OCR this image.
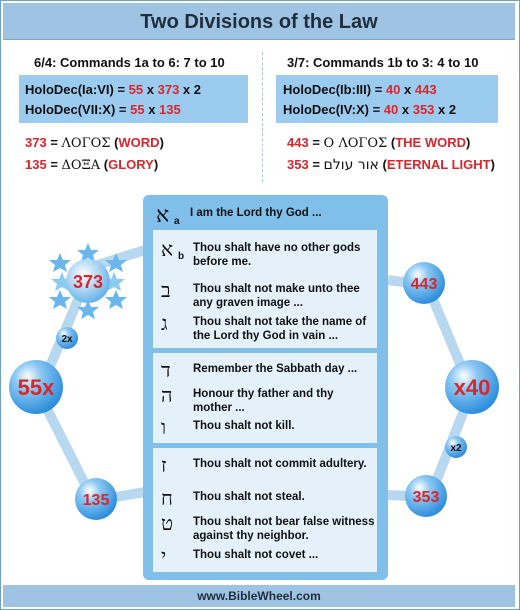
Two Divisions of the Law
6/4: Commands 1a to 6: 7 to 10
HoloDec(Ia:VI) = 55 x 373 x 2
HoloDec(VII:X) = 55 x 135
373 = ΛΟΓΟΣ (WORD)
135 = ΔΟΞΑ (GLORY)
3/7: Commands 1b to 3: 4 to 10
HoloDec(Ib:III) = 40 x 443
HoloDec(IV:X) = 40 x 353 x 2
443 = Ο ΛΟΓΟΣ (THE WORD)
353 = אור עולם (ETERNAL LIGHT)
373
2x
55x
135
443
x40
x2
353
א a
I am the Lord thy God ...
א b
Thou shalt have no other gods before me.
ב Thou shalt not make unto thee any graven image ...
ג Thou shalt not take the name of the Lord thy God in vain ...
ד Remember the Sabbath day ...
ה Honour thy father and thy mother ...
ו Thou shalt not kill.
ז Thou shalt not commit adultery.
ח Thou shalt not steal.
ט Thou shalt not bear false witness against thy neighbor.
י Thou shalt not covet ...
www.BibleWheel.com
